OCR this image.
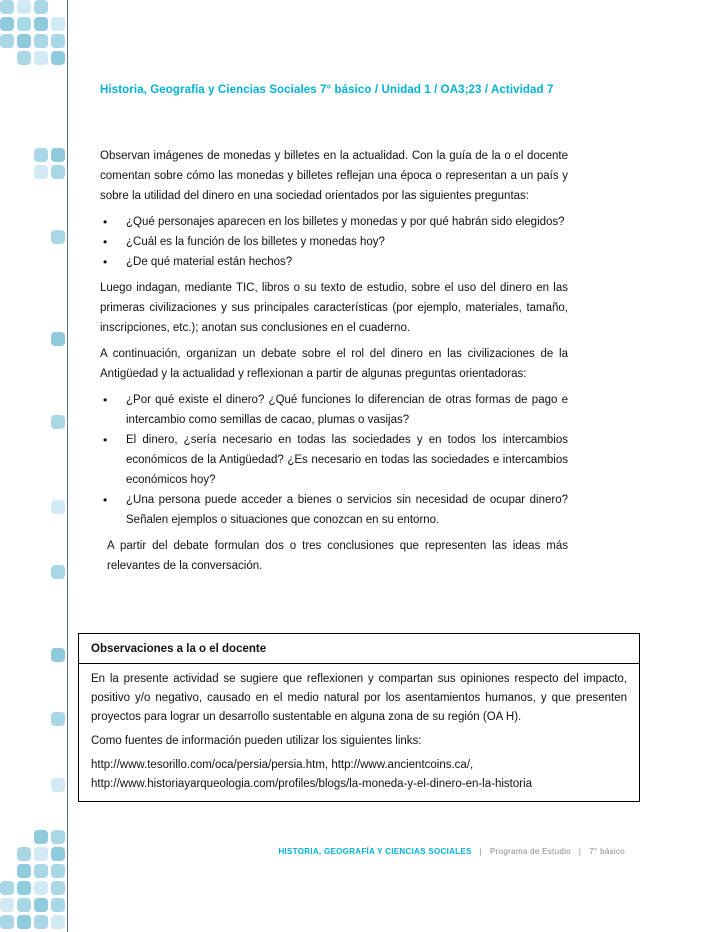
Historia, Geografía y Ciencias Sociales 7° básico / Unidad 1 / OA3;23 / Actividad 7

Observan imágenes de monedas y billetes en la actualidad. Con la guía de la o el docente comentan sobre cómo las monedas y billetes reflejan una época o representan a un país y sobre la utilidad del dinero en una sociedad orientados por las siguientes preguntas:

• ¿Qué personajes aparecen en los billetes y monedas y por qué habrán sido elegidos?
• ¿Cuál es la función de los billetes y monedas hoy?
• ¿De qué material están hechos?

Luego indagan, mediante TIC, libros o su texto de estudio, sobre el uso del dinero en las primeras civilizaciones y sus principales características (por ejemplo, materiales, tamaño, inscripciones, etc.); anotan sus conclusiones en el cuaderno.

A continuación, organizan un debate sobre el rol del dinero en las civilizaciones de la Antigüedad y la actualidad y reflexionan a partir de algunas preguntas orientadoras:

• ¿Por qué existe el dinero? ¿Qué funciones lo diferencian de otras formas de pago e intercambio como semillas de cacao, plumas o vasijas?
• El dinero, ¿sería necesario en todas las sociedades y en todos los intercambios económicos de la Antigüedad? ¿Es necesario en todas las sociedades e intercambios económicos hoy?
• ¿Una persona puede acceder a bienes o servicios sin necesidad de ocupar dinero? Señalen ejemplos o situaciones que conozcan en su entorno.

A partir del debate formulan dos o tres conclusiones que representen las ideas más relevantes de la conversación.

Observaciones a la o el docente

En la presente actividad se sugiere que reflexionen y compartan sus opiniones respecto del impacto, positivo y/o negativo, causado en el medio natural por los asentamientos humanos, y que presenten proyectos para lograr un desarrollo sustentable en alguna zona de su región (OA H).

Como fuentes de información pueden utilizar los siguientes links:

http://www.tesorillo.com/oca/persia/persia.htm, http://www.ancientcoins.ca/,

http://www.historiayarqueologia.com/profiles/blogs/la-moneda-y-el-dinero-en-la-historia

HISTORIA, GEOGRAFÍA Y CIENCIAS SOCIALES | Programa de Estudio | 7° básico
